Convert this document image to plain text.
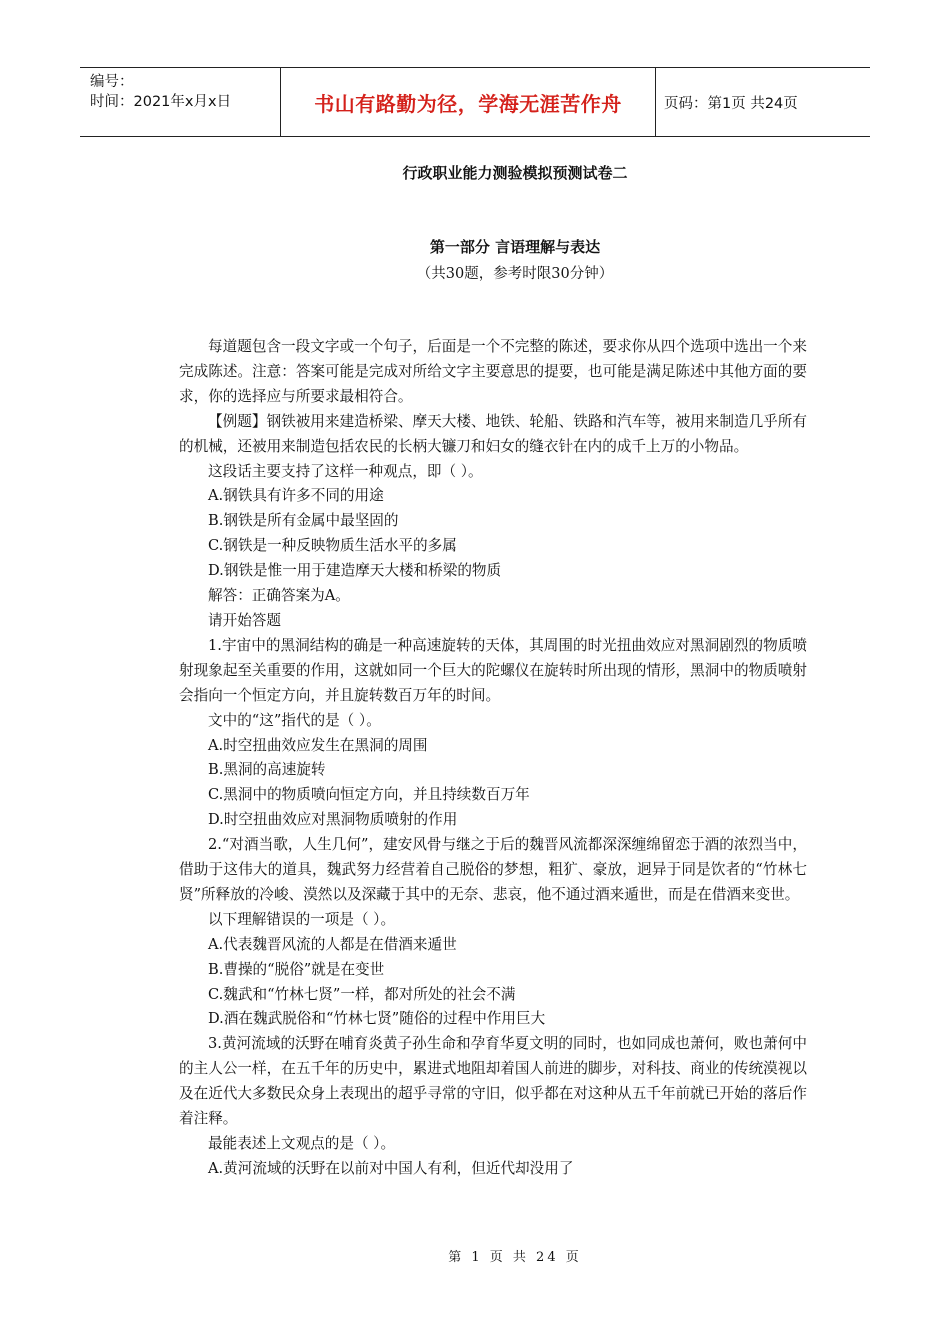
编号：
时间：2021年x月x日	书山有路勤为径，学海无涯苦作舟	页码：第1页 共24页
行政职业能力测验模拟预测试卷二
第一部分 言语理解与表达
（共30题，参考时限30分钟）

每道题包含一段文字或一个句子，后面是一个不完整的陈述，要求你从四个选项中选出一个来完成陈述。注意：答案可能是完成对所给文字主要意思的提要，也可能是满足陈述中其他方面的要求，你的选择应与所要求最相符合。

【例题】钢铁被用来建造桥梁、摩天大楼、地铁、轮船、铁路和汽车等，被用来制造几乎所有的机械，还被用来制造包括农民的长柄大镰刀和妇女的缝衣针在内的成千上万的小物品。

这段话主要支持了这样一种观点，即（ ）。

A.钢铁具有许多不同的用途

B.钢铁是所有金属中最坚固的

C.钢铁是一种反映物质生活水平的多属

D.钢铁是惟一用于建造摩天大楼和桥梁的物质

解答：正确答案为A。

请开始答题

1.宇宙中的黑洞结构的确是一种高速旋转的天体，其周围的时光扭曲效应对黑洞剧烈的物质喷射现象起至关重要的作用，这就如同一个巨大的陀螺仪在旋转时所出现的情形，黑洞中的物质喷射会指向一个恒定方向，并且旋转数百万年的时间。

文中的“这”指代的是（ ）。

A.时空扭曲效应发生在黑洞的周围

B.黑洞的高速旋转

C.黑洞中的物质喷向恒定方向，并且持续数百万年

D.时空扭曲效应对黑洞物质喷射的作用

2.“对酒当歌，人生几何”，建安风骨与继之于后的魏晋风流都深深缠绵留恋于酒的浓烈当中，借助于这伟大的道具，魏武努力经营着自己脱俗的梦想，粗犷、豪放，迥异于同是饮者的“竹林七贤”所释放的冷峻、漠然以及深藏于其中的无奈、悲哀，他不通过酒来遁世，而是在借酒来变世。

以下理解错误的一项是（ ）。

A.代表魏晋风流的人都是在借酒来遁世

B.曹操的“脱俗”就是在变世

C.魏武和“竹林七贤”一样，都对所处的社会不满

D.酒在魏武脱俗和“竹林七贤”随俗的过程中作用巨大

3.黄河流域的沃野在哺育炎黄子孙生命和孕育华夏文明的同时，也如同成也萧何，败也萧何中的主人公一样，在五千年的历史中，累进式地阻却着国人前进的脚步，对科技、商业的传统漠视以及在近代大多数民众身上表现出的超乎寻常的守旧，似乎都在对这种从五千年前就已开始的落后作着注释。

最能表述上文观点的是（ ）。

A.黄河流域的沃野在以前对中国人有利，但近代却没用了

第 1 页 共 24 页
